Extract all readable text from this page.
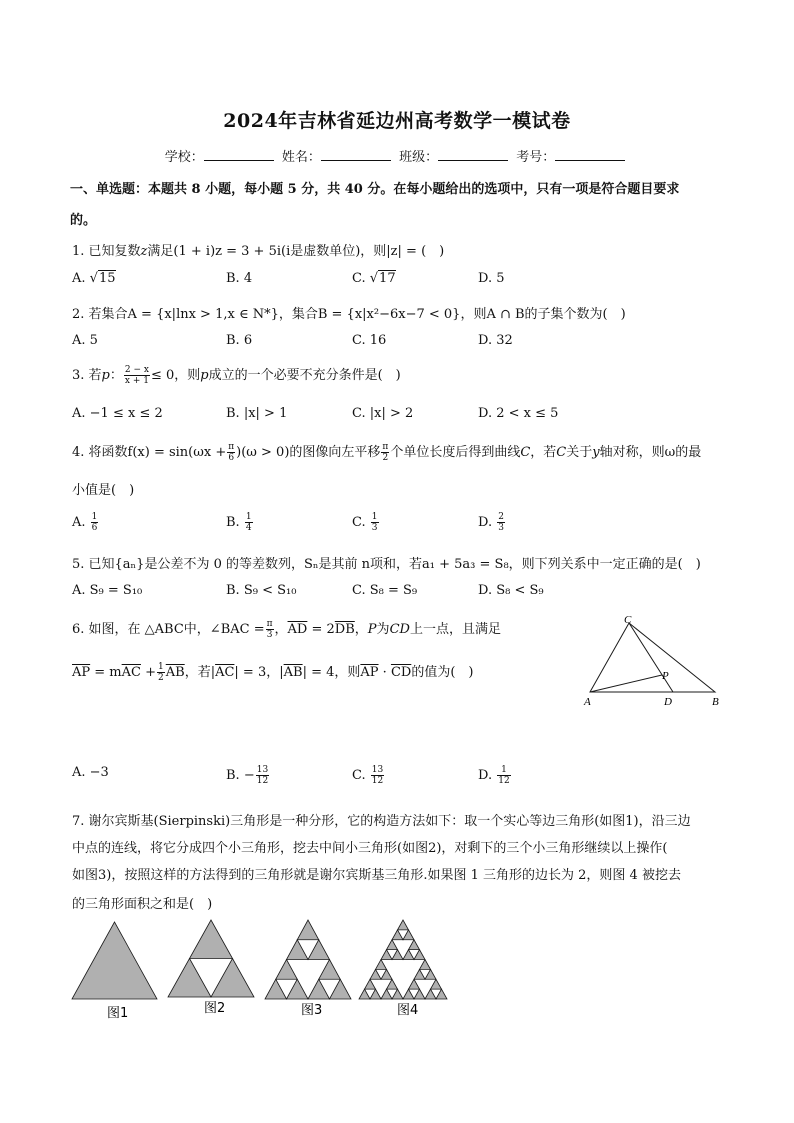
2024年吉林省延边州高考数学一模试卷
学校：	姓名：	班级：	考号：
一、单选题：本题共 8 小题，每小题 5 分，共 40 分。在每小题给出的选项中，只有一项是符合题目要求
的。
1. 已知复数z满足(1 + i)z = 3 + 5i(i是虚数单位)，则|z| = (　)
A. √15	B. 4	C. √17	D. 5
2. 若集合A = {x|lnx > 1,x ∈ N*}，集合B = {x|x²−6x−7 < 0}，则A ∩ B的子集个数为(　)
A. 5	B. 6	C. 16	D. 32
3. 若p： $\frac{2 - x}{x + 1} \le 0$，则p成立的一个必要不充分条件是(　)
A. −1 ≤ x ≤ 2	B. |x| > 1	C. |x| > 2	D. 2 < x ≤ 5
4. 将函数$f(x) = \sin(\omega x + \frac{\pi}{6} )(\omega > 0)$的图像向左平移 $\frac{\pi}{2}$ 个单位长度后得到曲线C，若C关于y轴对称，则ω的最
小值是(　)
A. $\frac{1}{6}$	B. $\frac{1}{4}$	C. $\frac{1}{3}$	D. $\frac{2}{3}$
5. 已知{aₙ}是公差不为 0 的等差数列，Sₙ是其前 n项和，若a₁ + 5a₃ = S₈，则下列关系中一定正确的是(　)
A. S₉ = S₁₀	B. S₉ < S₁₀	C. S₈ = S₉	D. S₈ < S₉
6. 如图，在 △ABC中，∠BAC = $\frac{\pi}{3}$ ，$\overline{AD} = 2\overline{DB}$，P为CD上一点，且满足
$\overline{AP} = m\overline{AC} + \frac{1}{2} \overline{AB}$，若$|\overline{AC}| = 3$，$|\overline{AB}| = 4$，则$\overline{AP} \cdot \overline{CD}$的值为(　)
C
P
A	D	B
A. −3	B. − $\frac{13}{12}$	C. $\frac{13}{12}$	D. $\frac{1}{12}$
7. 谢尔宾斯基(Sierpinski)三角形是一种分形，它的构造方法如下：取一个实心等边三角形(如图1)，沿三边
中点的连线，将它分成四个小三角形，挖去中间小三角形(如图2)，对剩下的三个小三角形继续以上操作(
如图3)，按照这样的方法得到的三角形就是谢尔宾斯基三角形.如果图 1 三角形的边长为 2，则图 4 被挖去
的三角形面积之和是(　)
图1	图2	图3	图4
